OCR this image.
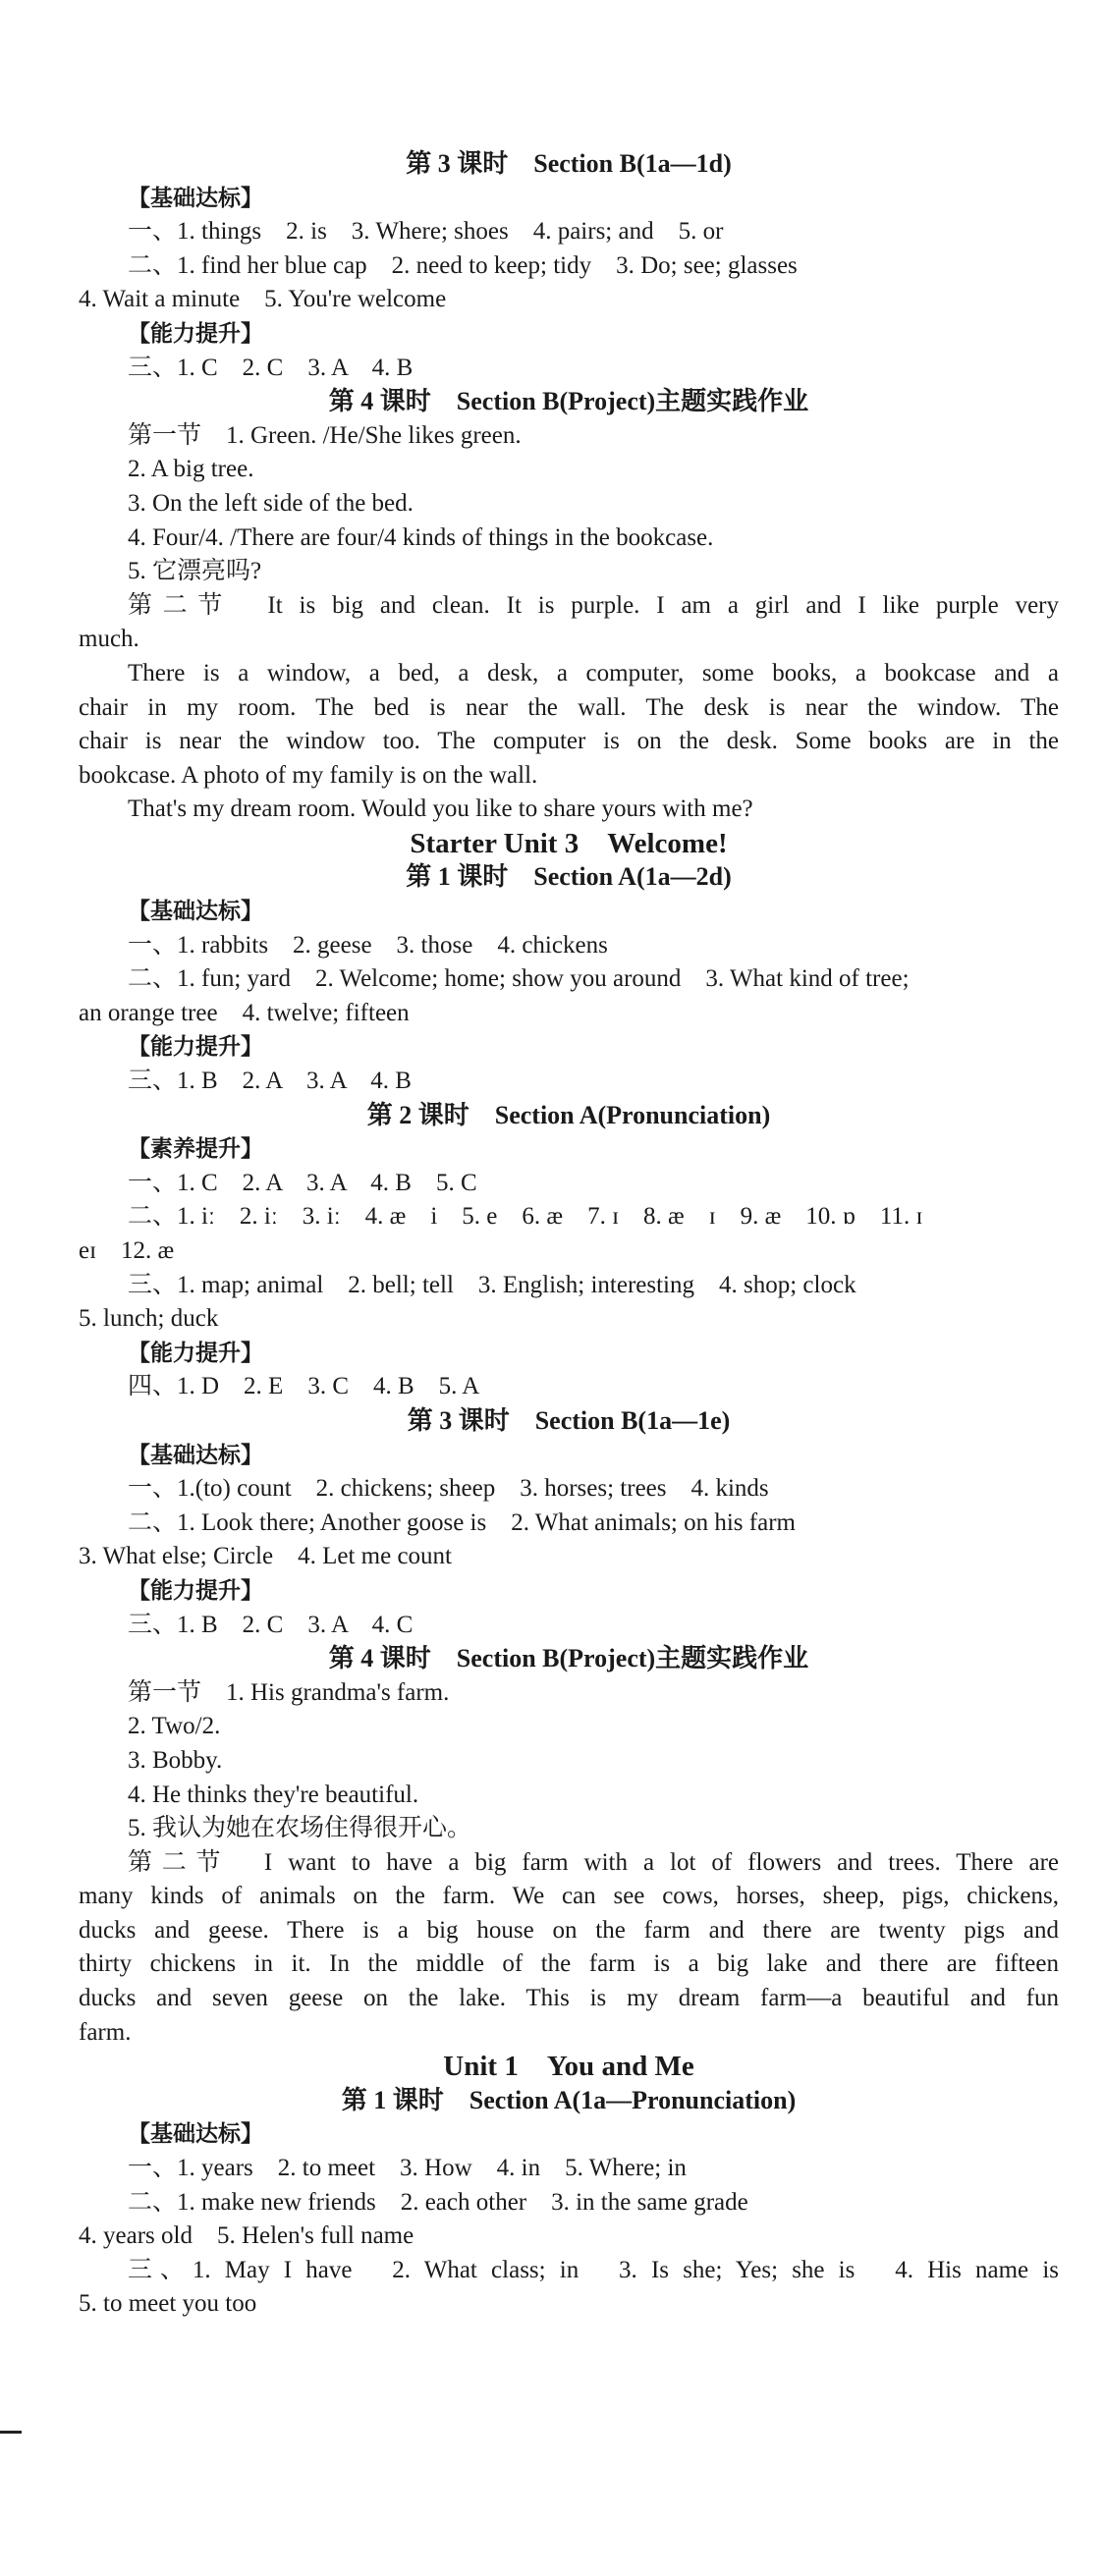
第 3 课时　Section B(1a—1d)
【基础达标】
一、1. things　2. is　3. Where; shoes　4. pairs; and　5. or
二、1. find her blue cap　2. need to keep; tidy　3. Do; see; glasses
4. Wait a minute　5. You're welcome
【能力提升】
三、1. C　2. C　3. A　4. B
第 4 课时　Section B(Project)主题实践作业
第一节　1. Green. /He/She likes green.
2. A big tree.
3. On the left side of the bed.
4. Four/4. /There are four/4 kinds of things in the bookcase.
5. 它漂亮吗?
第二节　It is big and clean. It is purple. I am a girl and I like purple very
much.
There is a window, a bed, a desk, a computer, some books, a bookcase and a
chair in my room. The bed is near the wall. The desk is near the window. The
chair is near the window too. The computer is on the desk. Some books are in the
bookcase. A photo of my family is on the wall.
That's my dream room. Would you like to share yours with me?
Starter Unit 3　Welcome!
第 1 课时　Section A(1a—2d)
【基础达标】
一、1. rabbits　2. geese　3. those　4. chickens
二、1. fun; yard　2. Welcome; home; show you around　3. What kind of tree;
an orange tree　4. twelve; fifteen
【能力提升】
三、1. B　2. A　3. A　4. B
第 2 课时　Section A(Pronunciation)
【素养提升】
一、1. C　2. A　3. A　4. B　5. C
二、1. iː　2. iː　3. iː　4. æ　i　5. e　6. æ　7. ɪ　8. æ　ɪ　9. æ　10. ɒ　11. ɪ
eɪ　12. æ
三、1. map; animal　2. bell; tell　3. English; interesting　4. shop; clock
5. lunch; duck
【能力提升】
四、1. D　2. E　3. C　4. B　5. A
第 3 课时　Section B(1a—1e)
【基础达标】
一、1.(to) count　2. chickens; sheep　3. horses; trees　4. kinds
二、1. Look there; Another goose is　2. What animals; on his farm
3. What else; Circle　4. Let me count
【能力提升】
三、1. B　2. C　3. A　4. C
第 4 课时　Section B(Project)主题实践作业
第一节　1. His grandma's farm.
2. Two/2.
3. Bobby.
4. He thinks they're beautiful.
5. 我认为她在农场住得很开心。
第二节　I want to have a big farm with a lot of flowers and trees. There are
many kinds of animals on the farm. We can see cows, horses, sheep, pigs, chickens,
ducks and geese. There is a big house on the farm and there are twenty pigs and
thirty chickens in it. In the middle of the farm is a big lake and there are fifteen
ducks and seven geese on the lake. This is my dream farm—a beautiful and fun
farm.
Unit 1　You and Me
第 1 课时　Section A(1a—Pronunciation)
【基础达标】
一、1. years　2. to meet　3. How　4. in　5. Where; in
二、1. make new friends　2. each other　3. in the same grade
4. years old　5. Helen's full name
三、1. May I have　2. What class; in　3. Is she; Yes; she is　4. His name is
5. to meet you too
